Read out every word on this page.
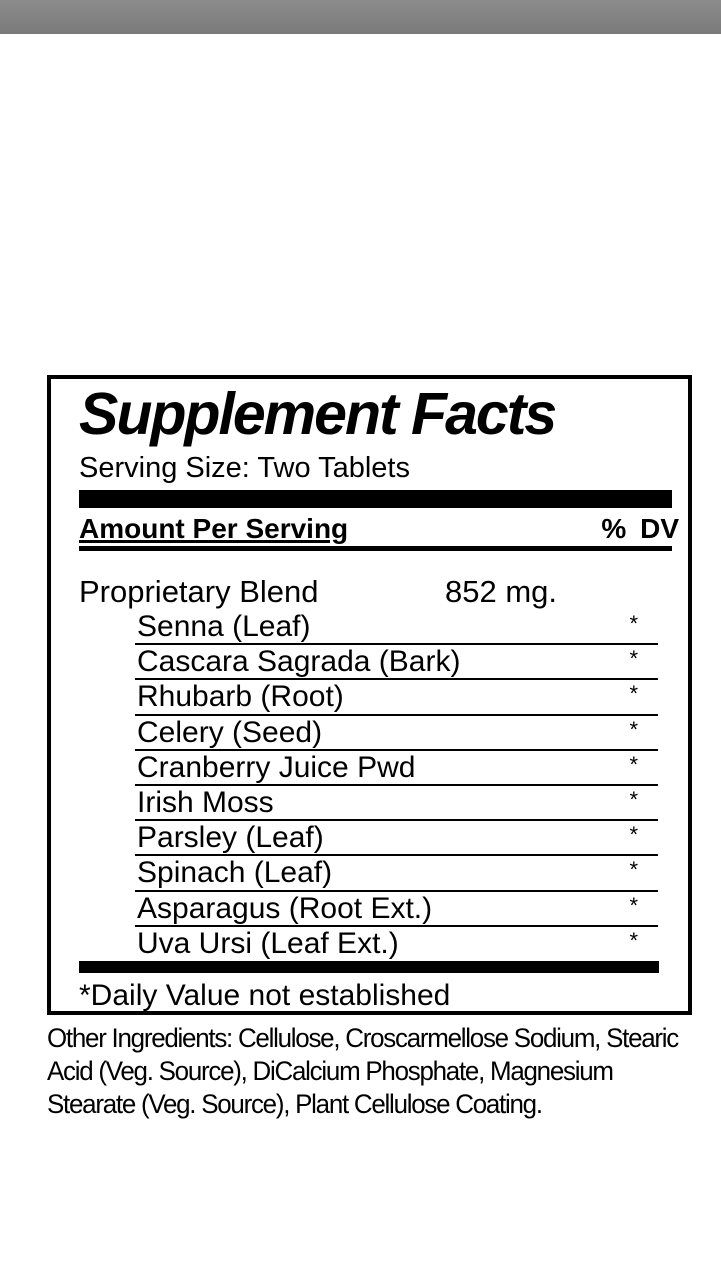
Supplement Facts
Serving Size: Two Tablets
Amount Per Serving	% DV
Proprietary Blend	852 mg.
Senna (Leaf)	*
Cascara Sagrada (Bark)	*
Rhubarb (Root)	*
Celery (Seed)	*
Cranberry Juice Pwd	*
Irish Moss	*
Parsley (Leaf)	*
Spinach (Leaf)	*
Asparagus (Root Ext.)	*
Uva Ursi (Leaf Ext.)	*
*Daily Value not established
Other Ingredients: Cellulose, Croscarmellose Sodium, Stearic Acid (Veg. Source), DiCalcium Phosphate, Magnesium Stearate (Veg. Source), Plant Cellulose Coating.
